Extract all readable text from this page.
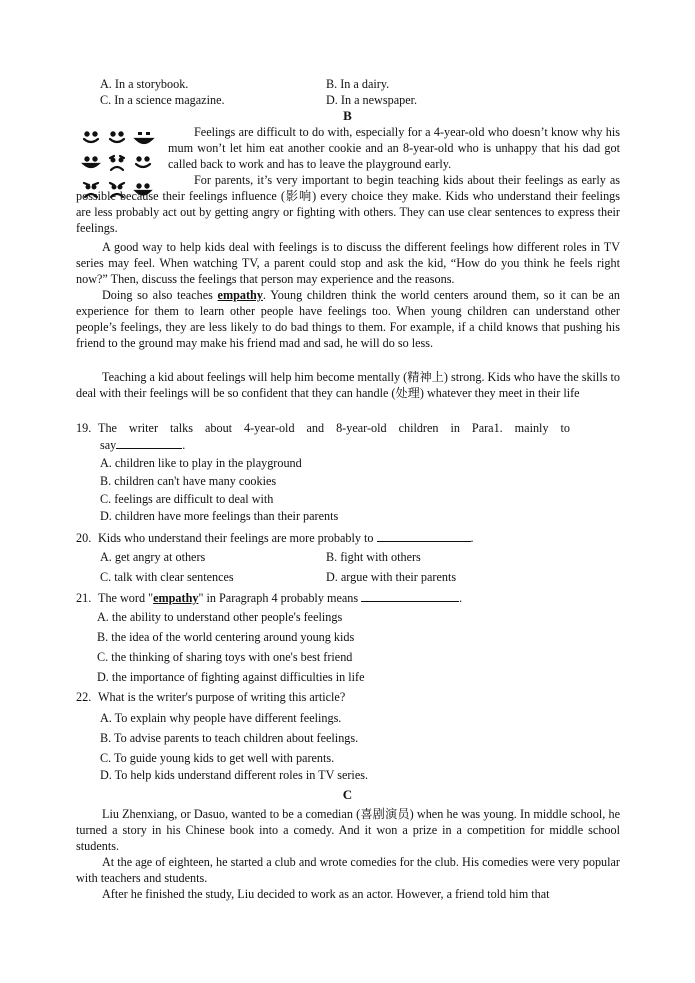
A. In a storybook.	B. In a dairy.
C. In a science magazine.	D. In a newspaper.
B
Feelings are difficult to do with, especially for a 4-year-old who doesn’t know why his mum won’t let him eat another cookie and an 8-year-old who is unhappy that his dad got called back to work and has to leave the playground early.
For parents, it’s very important to begin teaching kids about their feelings as early as possible because their feelings influence (影响) every choice they make. Kids who understand their feelings are less probably act out by getting angry or fighting with others. They can use clear sentences to express their feelings.
A good way to help kids deal with feelings is to discuss the different feelings how different roles in TV series may feel. When watching TV, a parent could stop and ask the kid, “How do you think he feels right now?” Then, discuss the feelings that person may experience and the reasons.
Doing so also teaches empathy. Young children think the world centers around them, so it can be an experience for them to learn other people have feelings too. When young children can understand other people’s feelings, they are less likely to do bad things to them. For example, if a child knows that pushing his friend to the ground may make his friend mad and sad, he will do so less.
Teaching a kid about feelings will help him become mentally (精神上) strong. Kids who have the skills to deal with their feelings will be so confident that they can handle (处理) whatever they meet in their life
19. The writer talks about 4-year-old and 8-year-old children in Para1. mainly to
say	.
A. children like to play in the playground
B. children can't have many cookies
C. feelings are difficult to deal with
D. children have more feelings than their parents
20. Kids who understand their feelings are more probably to	.
A. get angry at others	B. fight with others
C. talk with clear sentences	D. argue with their parents
21. The word "empathy" in Paragraph 4 probably means	.
A. the ability to understand other people's feelings
B. the idea of the world centering around young kids
C. the thinking of sharing toys with one's best friend
D. the importance of fighting against difficulties in life
22. What is the writer's purpose of writing this article?
A. To explain why people have different feelings.
B. To advise parents to teach children about feelings.
C. To guide young kids to get well with parents.
D. To help kids understand different roles in TV series.
C
Liu Zhenxiang, or Dasuo, wanted to be a comedian (喜剧演员) when he was young. In middle school, he turned a story in his Chinese book into a comedy. And it won a prize in a competition for middle school students.
At the age of eighteen, he started a club and wrote comedies for the club. His comedies were very popular with teachers and students.
After he finished the study, Liu decided to work as an actor. However, a friend told him that
